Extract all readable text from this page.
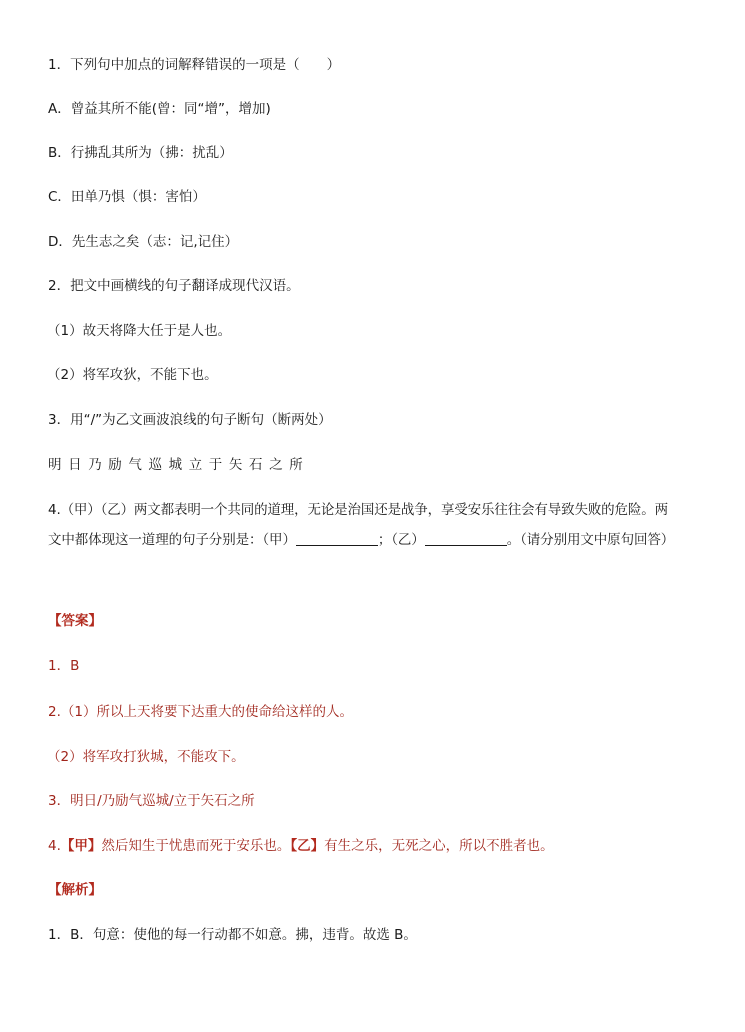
1．下列句中加点的词解释错误的一项是（　　）
A．曾益其所不能(曾：同“增”，增加)
B．行拂乱其所为（拂：扰乱）
C．田单乃惧（惧：害怕）
D．先生志之矣（志：记,记住）
2．把文中画横线的句子翻译成现代汉语。
（1）故天将降大任于是人也。
（2）将军攻狄，不能下也。
3．用“/”为乙文画波浪线的句子断句（断两处）
明日乃励气巡城立于矢石之所
4.（甲）（乙）两文都表明一个共同的道理，无论是治国还是战争，享受安乐往往会有导致失败的危险。两
文中都体现这一道理的句子分别是：（甲）	；（乙）	。（请分别用文中原句回答）
【答案】
1．B
2.（1）所以上天将要下达重大的使命给这样的人。
（2）将军攻打狄城，不能攻下。
3．明日/乃励气巡城/立于矢石之所
4.【甲】然后知生于忧患而死于安乐也。【乙】有生之乐，无死之心，所以不胜者也。
【解析】
1．B．句意：使他的每一行动都不如意。拂，违背。故选 B。
